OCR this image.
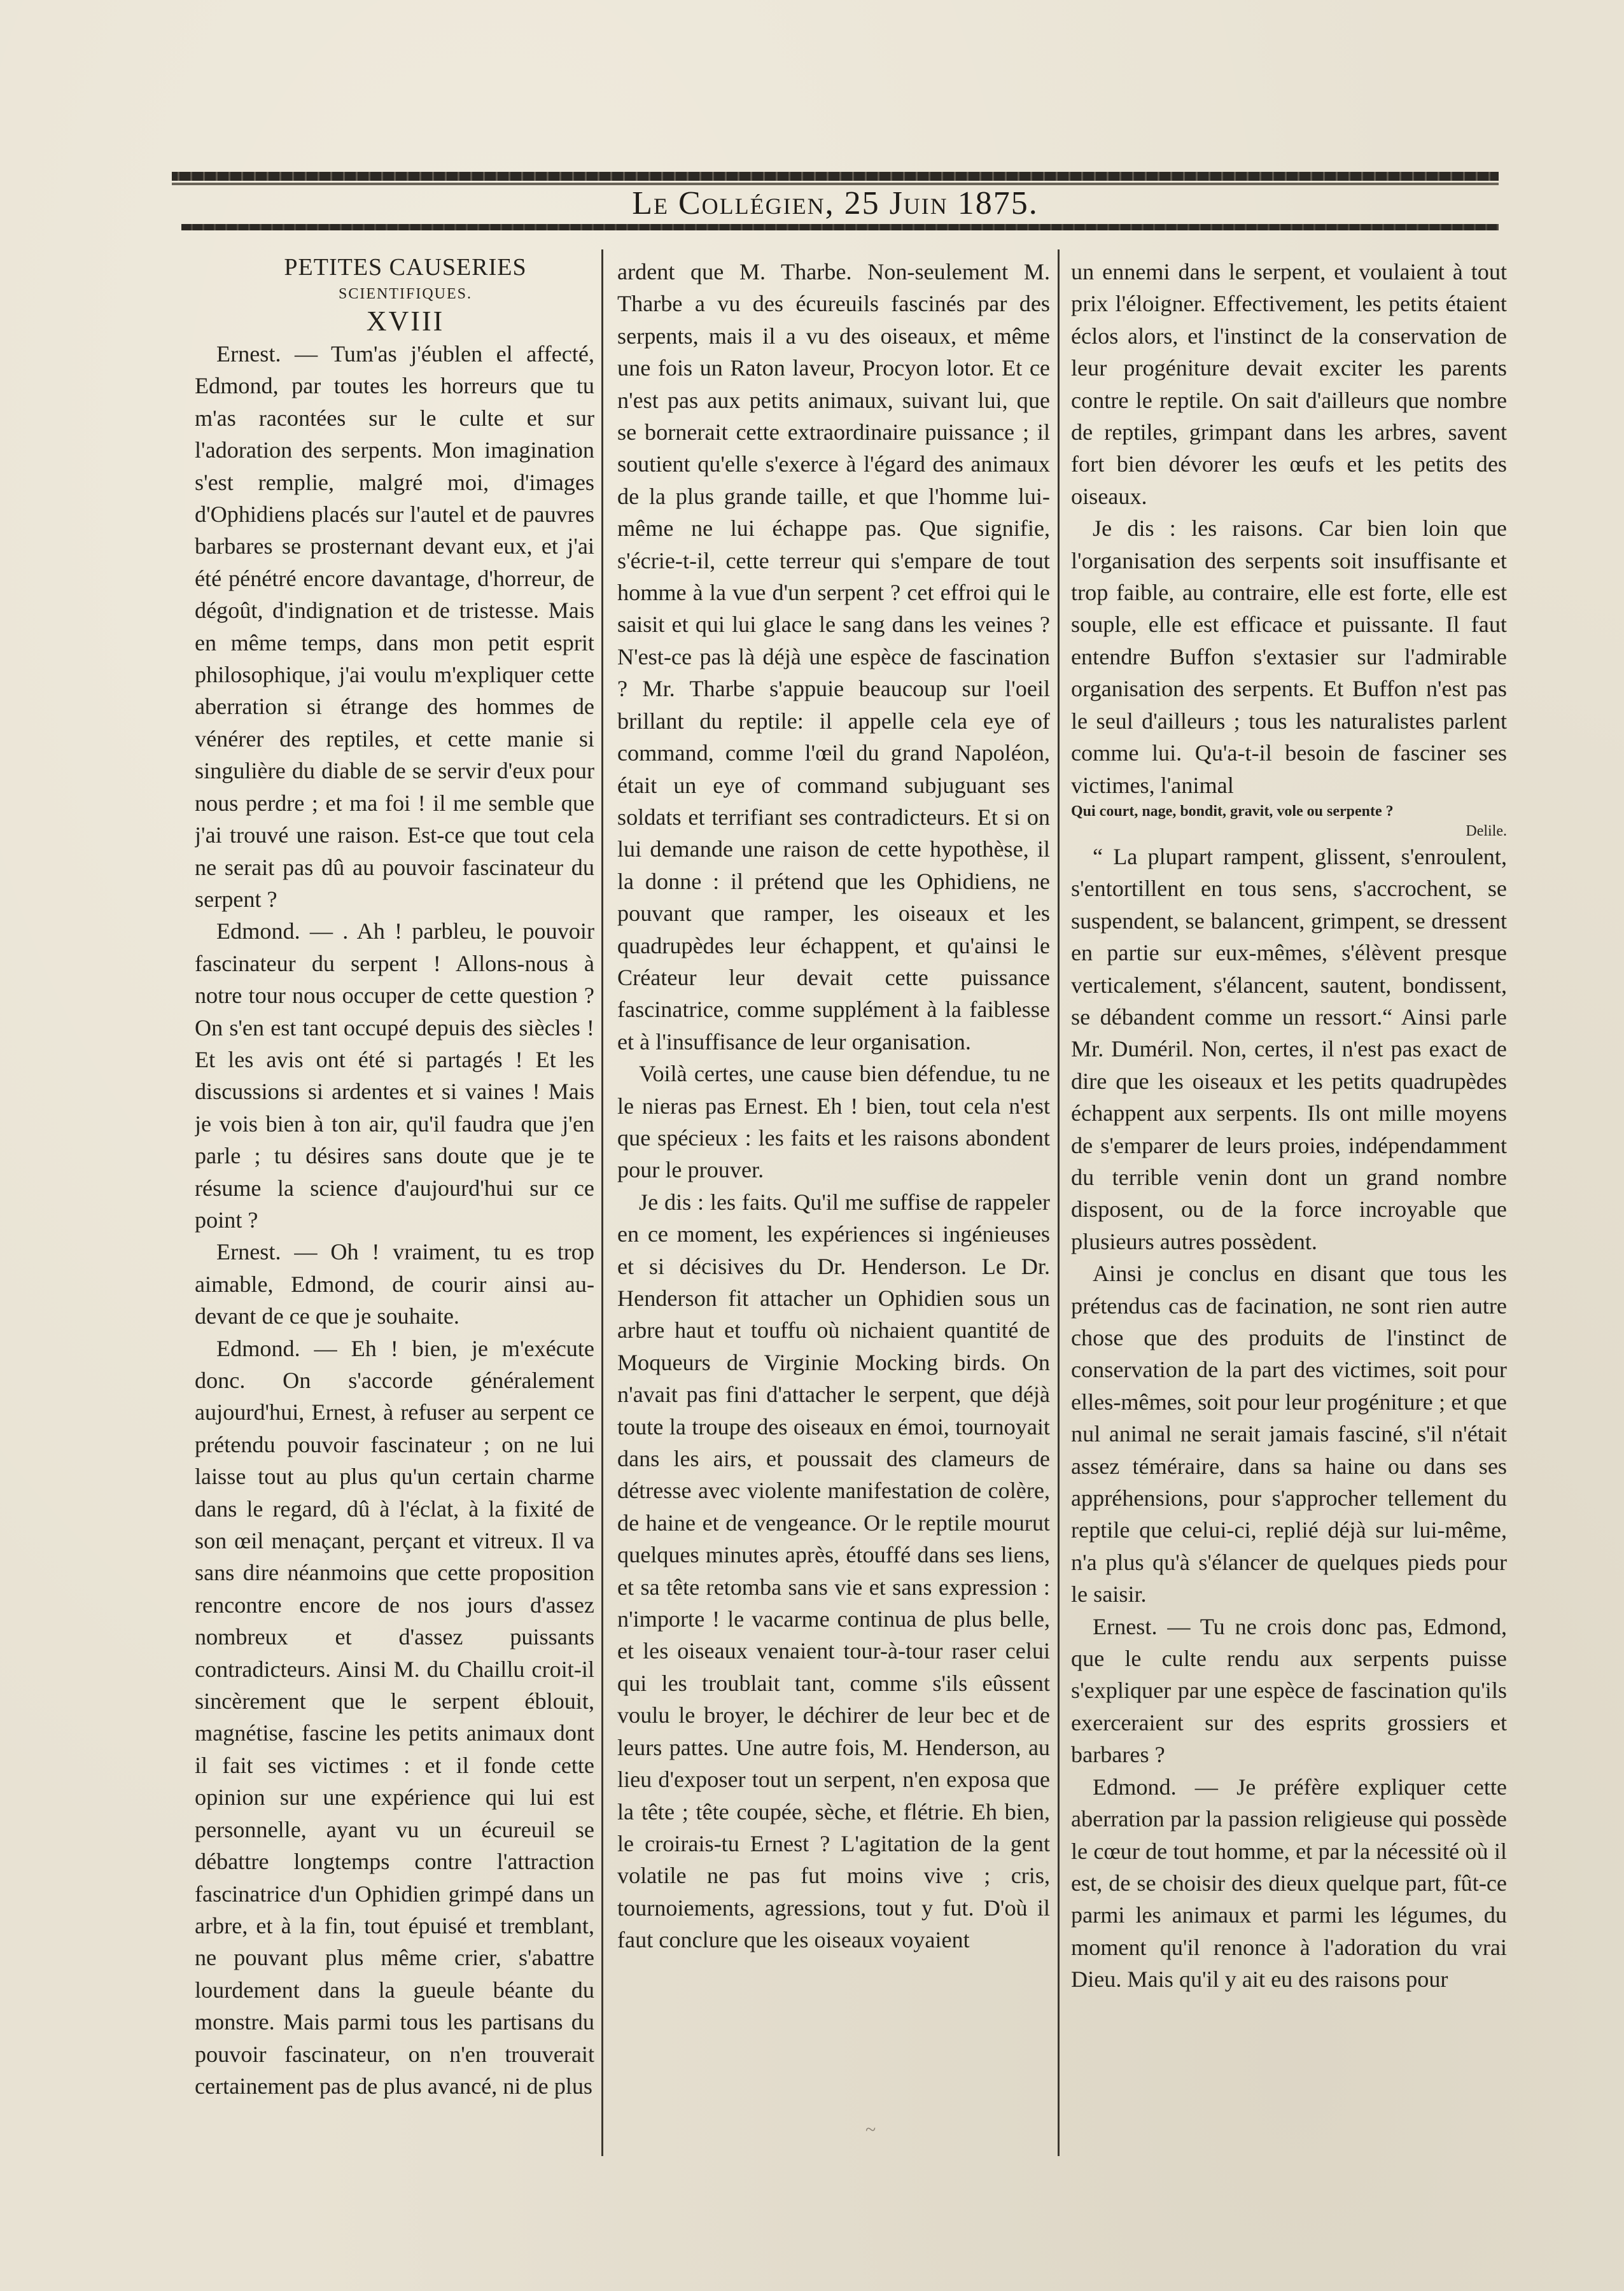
Le Collégien, 25 Juin 1875.

PETITES CAUSERIES

SCIENTIFIQUES.

XVIII

Ernest. — Tum'as j'éublen el affecté, Edmond, par toutes les horreurs que tu m'as racontées sur le culte et sur l'adoration des serpents. Mon imagination s'est remplie, malgré moi, d'images d'Ophidiens placés sur l'autel et de pauvres barbares se prosternant devant eux, et j'ai été pénétré encore davantage, d'horreur, de dégoût, d'indignation et de tristesse. Mais en même temps, dans mon petit esprit philosophique, j'ai voulu m'expliquer cette aberration si étrange des hommes de vénérer des reptiles, et cette manie si singulière du diable de se servir d'eux pour nous perdre ; et ma foi ! il me semble que j'ai trouvé une raison. Est-ce que tout cela ne serait pas dû au pouvoir fascinateur du serpent ?

Edmond. — . Ah ! parbleu, le pouvoir fascinateur du serpent ! Allons-nous à notre tour nous occuper de cette question ? On s'en est tant occupé depuis des siècles ! Et les avis ont été si partagés ! Et les discussions si ardentes et si vaines ! Mais je vois bien à ton air, qu'il faudra que j'en parle ; tu désires sans doute que je te résume la science d'aujourd'hui sur ce point ?

Ernest. — Oh ! vraiment, tu es trop aimable, Edmond, de courir ainsi au-devant de ce que je souhaite.

Edmond. — Eh ! bien, je m'exécute donc. On s'accorde généralement aujourd'hui, Ernest, à refuser au serpent ce prétendu pouvoir fascinateur ; on ne lui laisse tout au plus qu'un certain charme dans le regard, dû à l'éclat, à la fixité de son œil menaçant, perçant et vitreux. Il va sans dire néanmoins que cette proposition rencontre encore de nos jours d'assez nombreux et d'assez puissants contradicteurs. Ainsi M. du Chaillu croit-il sincèrement que le serpent éblouit, magnétise, fascine les petits animaux dont il fait ses victimes : et il fonde cette opinion sur une expérience qui lui est personnelle, ayant vu un écureuil se débattre longtemps contre l'attraction fascinatrice d'un Ophidien grimpé dans un arbre, et à la fin, tout épuisé et tremblant, ne pouvant plus même crier, s'abattre lourdement dans la gueule béante du monstre. Mais parmi tous les partisans du pouvoir fascinateur, on n'en trouverait certainement pas de plus avancé, ni de plus

ardent que M. Tharbe. Non-seulement M. Tharbe a vu des écureuils fascinés par des serpents, mais il a vu des oiseaux, et même une fois un Raton laveur, Procyon lotor. Et ce n'est pas aux petits animaux, suivant lui, que se bornerait cette extraordinaire puissance ; il soutient qu'elle s'exerce à l'égard des animaux de la plus grande taille, et que l'homme lui-même ne lui échappe pas. Que signifie, s'écrie-t-il, cette terreur qui s'empare de tout homme à la vue d'un serpent ? cet effroi qui le saisit et qui lui glace le sang dans les veines ? N'est-ce pas là déjà une espèce de fascination ? Mr. Tharbe s'appuie beaucoup sur l'oeil brillant du reptile: il appelle cela eye of command, comme l'œil du grand Napoléon, était un eye of command subjuguant ses soldats et terrifiant ses contradicteurs. Et si on lui demande une raison de cette hypothèse, il la donne : il prétend que les Ophidiens, ne pouvant que ramper, les oiseaux et les quadrupèdes leur échappent, et qu'ainsi le Créateur leur devait cette puissance fascinatrice, comme supplément à la faiblesse et à l'insuffisance de leur organisation.

Voilà certes, une cause bien défendue, tu ne le nieras pas Ernest. Eh ! bien, tout cela n'est que spécieux : les faits et les raisons abondent pour le prouver.

Je dis : les faits. Qu'il me suffise de rappeler en ce moment, les expériences si ingénieuses et si décisives du Dr. Henderson. Le Dr. Henderson fit attacher un Ophidien sous un arbre haut et touffu où nichaient quantité de Moqueurs de Virginie Mocking birds. On n'avait pas fini d'attacher le serpent, que déjà toute la troupe des oiseaux en émoi, tournoyait dans les airs, et poussait des clameurs de détresse avec violente manifestation de colère, de haine et de vengeance. Or le reptile mourut quelques minutes après, étouffé dans ses liens, et sa tête retomba sans vie et sans expression : n'importe ! le vacarme continua de plus belle, et les oiseaux venaient tour-à-tour raser celui qui les troublait tant, comme s'ils eûssent voulu le broyer, le déchirer de leur bec et de leurs pattes. Une autre fois, M. Henderson, au lieu d'exposer tout un serpent, n'en exposa que la tête ; tête coupée, sèche, et flétrie. Eh bien, le croirais-tu Ernest ? L'agitation de la gent volatile ne pas fut moins vive ; cris, tournoiements, agressions, tout y fut. D'où il faut conclure que les oiseaux voyaient

un ennemi dans le serpent, et voulaient à tout prix l'éloigner. Effectivement, les petits étaient éclos alors, et l'instinct de la conservation de leur progéniture devait exciter les parents contre le reptile. On sait d'ailleurs que nombre de reptiles, grimpant dans les arbres, savent fort bien dévorer les œufs et les petits des oiseaux.

Je dis : les raisons. Car bien loin que l'organisation des serpents soit insuffisante et trop faible, au contraire, elle est forte, elle est souple, elle est efficace et puissante. Il faut entendre Buffon s'extasier sur l'admirable organisation des serpents. Et Buffon n'est pas le seul d'ailleurs ; tous les naturalistes parlent comme lui. Qu'a-t-il besoin de fasciner ses victimes, l'animal

Qui court, nage, bondit, gravit, vole ou serpente ?

Delile.

“ La plupart rampent, glissent, s'enroulent, s'entortillent en tous sens, s'accrochent, se suspendent, se balancent, grimpent, se dressent en partie sur eux-mêmes, s'élèvent presque verticalement, s'élancent, sautent, bondissent, se débandent comme un ressort.“ Ainsi parle Mr. Duméril. Non, certes, il n'est pas exact de dire que les oiseaux et les petits quadrupèdes échappent aux serpents. Ils ont mille moyens de s'emparer de leurs proies, indépendamment du terrible venin dont un grand nombre disposent, ou de la force incroyable que plusieurs autres possèdent.

Ainsi je conclus en disant que tous les prétendus cas de facination, ne sont rien autre chose que des produits de l'instinct de conservation de la part des victimes, soit pour elles-mêmes, soit pour leur progéniture ; et que nul animal ne serait jamais fasciné, s'il n'était assez téméraire, dans sa haine ou dans ses appréhensions, pour s'approcher tellement du reptile que celui-ci, replié déjà sur lui-même, n'a plus qu'à s'élancer de quelques pieds pour le saisir.

Ernest. — Tu ne crois donc pas, Edmond, que le culte rendu aux serpents puisse s'expliquer par une espèce de fascination qu'ils exerceraient sur des esprits grossiers et barbares ?

Edmond. — Je préfère expliquer cette aberration par la passion religieuse qui possède le cœur de tout homme, et par la nécessité où il est, de se choisir des dieux quelque part, fût-ce parmi les animaux et parmi les légumes, du moment qu'il renonce à l'adoration du vrai Dieu. Mais qu'il y ait eu des raisons pour

~
